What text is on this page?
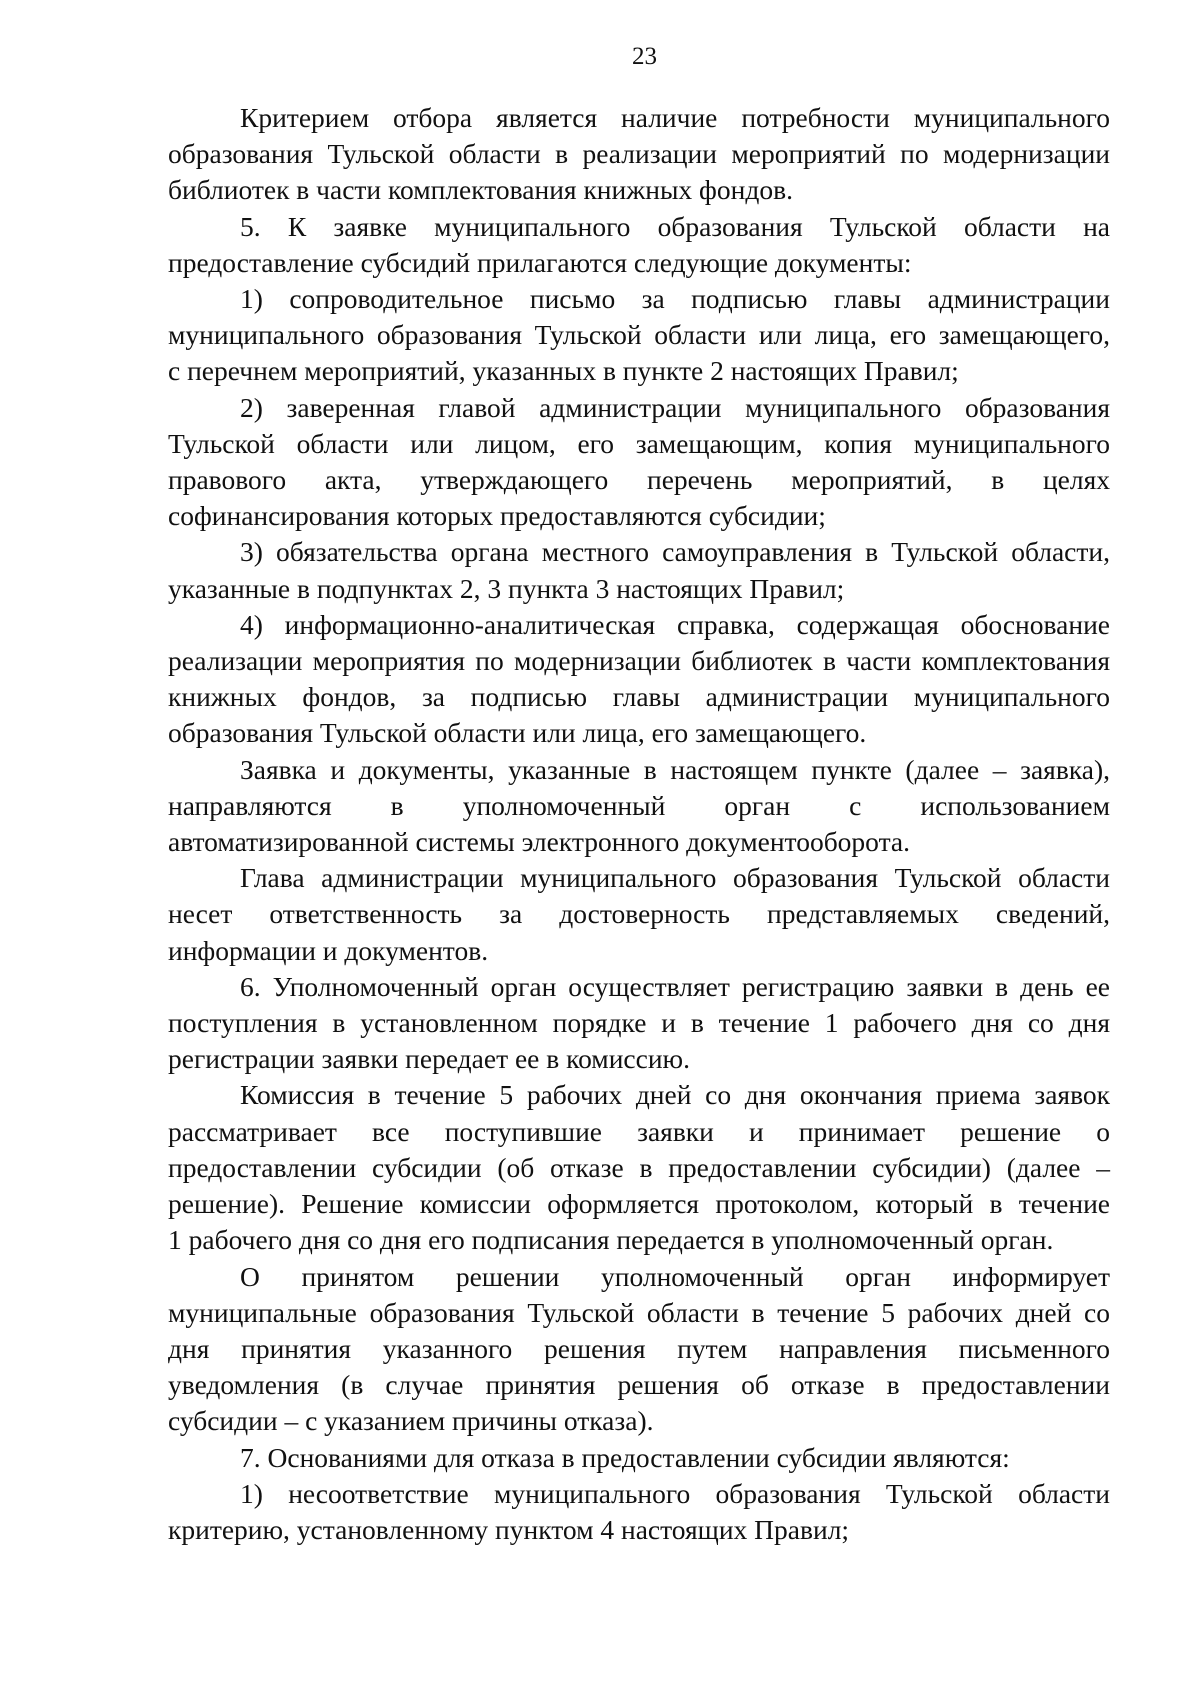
23
Критерием отбора является наличие потребности муниципального
образования Тульской области в реализации мероприятий по модернизации
библиотек в части комплектования книжных фондов.
5. К заявке муниципального образования Тульской области на
предоставление субсидий прилагаются следующие документы:
1) сопроводительное письмо за подписью главы администрации
муниципального образования Тульской области или лица, его замещающего,
с перечнем мероприятий, указанных в пункте 2 настоящих Правил;
2) заверенная главой администрации муниципального образования
Тульской области или лицом, его замещающим, копия муниципального
правового акта, утверждающего перечень мероприятий, в целях
софинансирования которых предоставляются субсидии;
3) обязательства органа местного самоуправления в Тульской области,
указанные в подпунктах 2, 3 пункта 3 настоящих Правил;
4) информационно-аналитическая справка, содержащая обоснование
реализации мероприятия по модернизации библиотек в части комплектования
книжных фондов, за подписью главы администрации муниципального
образования Тульской области или лица, его замещающего.
Заявка и документы, указанные в настоящем пункте (далее – заявка),
направляются в уполномоченный орган с использованием
автоматизированной системы электронного документооборота.
Глава администрации муниципального образования Тульской области
несет ответственность за достоверность представляемых сведений,
информации и документов.
6. Уполномоченный орган осуществляет регистрацию заявки в день ее
поступления в установленном порядке и в течение 1 рабочего дня со дня
регистрации заявки передает ее в комиссию.
Комиссия в течение 5 рабочих дней со дня окончания приема заявок
рассматривает все поступившие заявки и принимает решение о
предоставлении субсидии (об отказе в предоставлении субсидии) (далее –
решение). Решение комиссии оформляется протоколом, который в течение
1 рабочего дня со дня его подписания передается в уполномоченный орган.
О принятом решении уполномоченный орган информирует
муниципальные образования Тульской области в течение 5 рабочих дней со
дня принятия указанного решения путем направления письменного
уведомления (в случае принятия решения об отказе в предоставлении
субсидии – с указанием причины отказа).
7. Основаниями для отказа в предоставлении субсидии являются:
1) несоответствие муниципального образования Тульской области
критерию, установленному пунктом 4 настоящих Правил;
